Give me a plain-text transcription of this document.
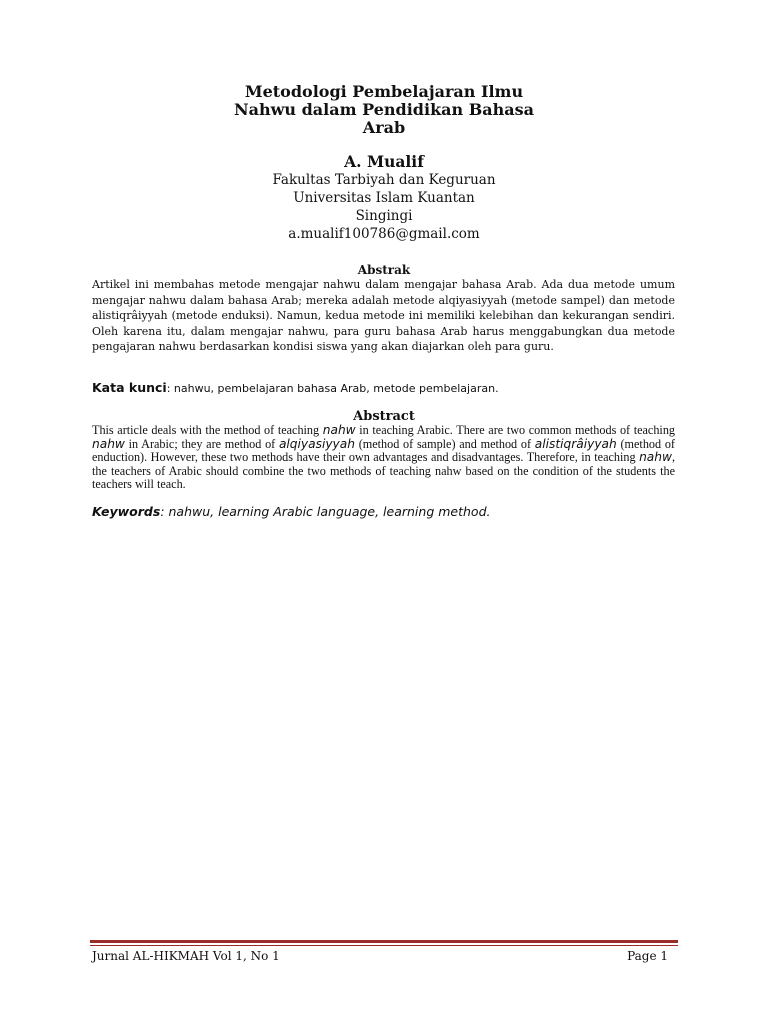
Metodologi Pembelajaran Ilmu
Nahwu dalam Pendidikan Bahasa
Arab
A. Mualif
Fakultas Tarbiyah dan Keguruan
Universitas Islam Kuantan
Singingi
a.mualif100786@gmail.com
Abstrak
Artikel ini membahas metode mengajar nahwu dalam mengajar bahasa Arab. Ada dua metode umum mengajar nahwu dalam bahasa Arab; mereka adalah metode alqiyasiyyah (metode sampel) dan metode alistiqrâiyyah (metode enduksi). Namun, kedua metode ini memiliki kelebihan dan kekurangan sendiri. Oleh karena itu, dalam mengajar nahwu, para guru bahasa Arab harus menggabungkan dua metode pengajaran nahwu berdasarkan kondisi siswa yang akan diajarkan oleh para guru.
Kata kunci: nahwu, pembelajaran bahasa Arab, metode pembelajaran.
Abstract
This article deals with the method of teaching nahw in teaching Arabic. There are two common methods of teaching nahw in Arabic; they are method of alqiyasiyyah (method of sample) and method of alistiqrâiyyah (method of enduction). However, these two methods have their own advantages and disadvantages. Therefore, in teaching nahw, the teachers of Arabic should combine the two methods of teaching nahw based on the condition of the students the teachers will teach.
Keywords: nahwu, learning Arabic language, learning method.
Jurnal AL-HIKMAH Vol 1, No 1	Page 1
